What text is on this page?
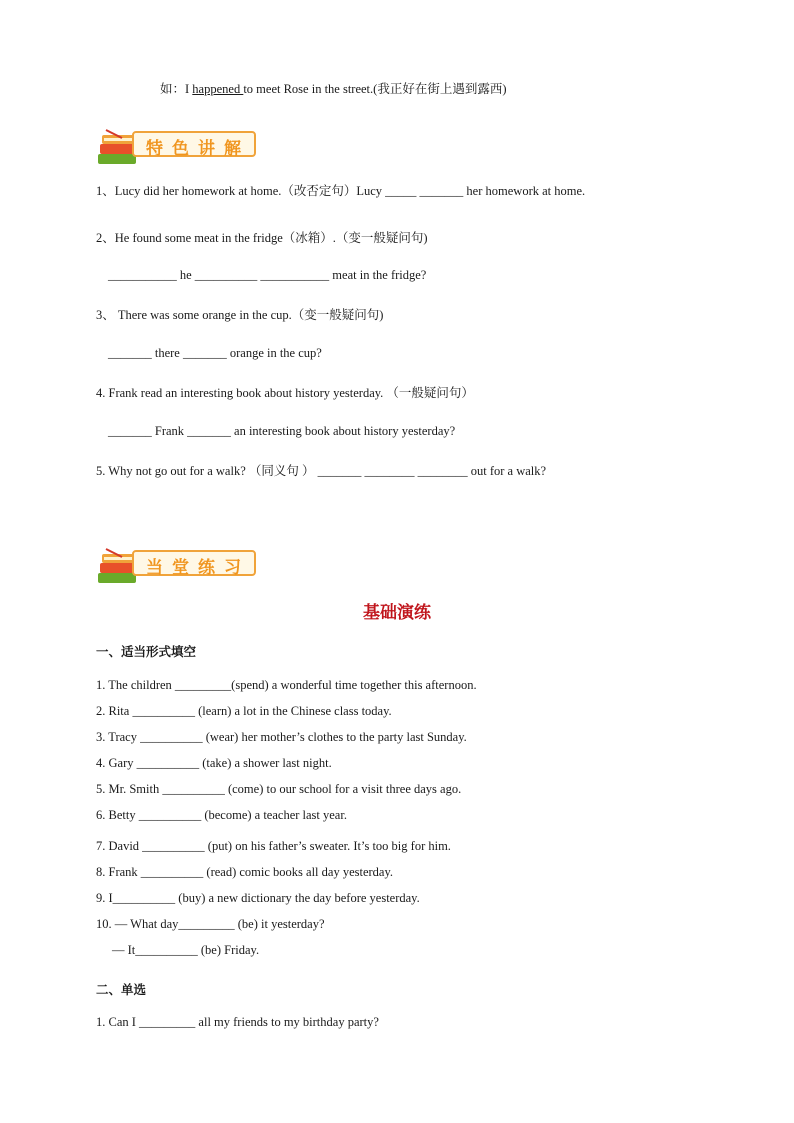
如：I happened to meet Rose in the street.(我正好在街上遇到露西)
特色讲解
1、Lucy did her homework at home.（改否定句）Lucy _____ _______ her homework at home.
2、He found some meat in the fridge（冰箱）.（变一般疑问句)
___________ he __________ ___________ meat in the fridge?
3、 There was some orange in the cup.（变一般疑问句)
_______ there _______ orange in the cup?
4. Frank read an interesting book about history yesterday. （一般疑问句）
_______ Frank _______ an interesting book about history yesterday?
5. Why not go out for a walk? （同义句 ） _______ ________ ________ out for a walk?
当堂练习
基础演练
一、适当形式填空
1. The children _________(spend) a wonderful time together this afternoon.
2. Rita __________ (learn) a lot in the Chinese class today.
3. Tracy __________ (wear) her mother’s clothes to the party last Sunday.
4. Gary __________ (take) a shower last night.
5. Mr. Smith __________ (come) to our school for a visit three days ago.
6. Betty __________ (become) a teacher last year.
7. David __________ (put) on his father’s sweater. It’s too big for him.
8. Frank __________ (read) comic books all day yesterday.
9. I__________ (buy) a new dictionary the day before yesterday.
10. — What day_________ (be) it yesterday?
— It__________ (be) Friday.
二、单选
1. Can I _________ all my friends to my birthday party?
